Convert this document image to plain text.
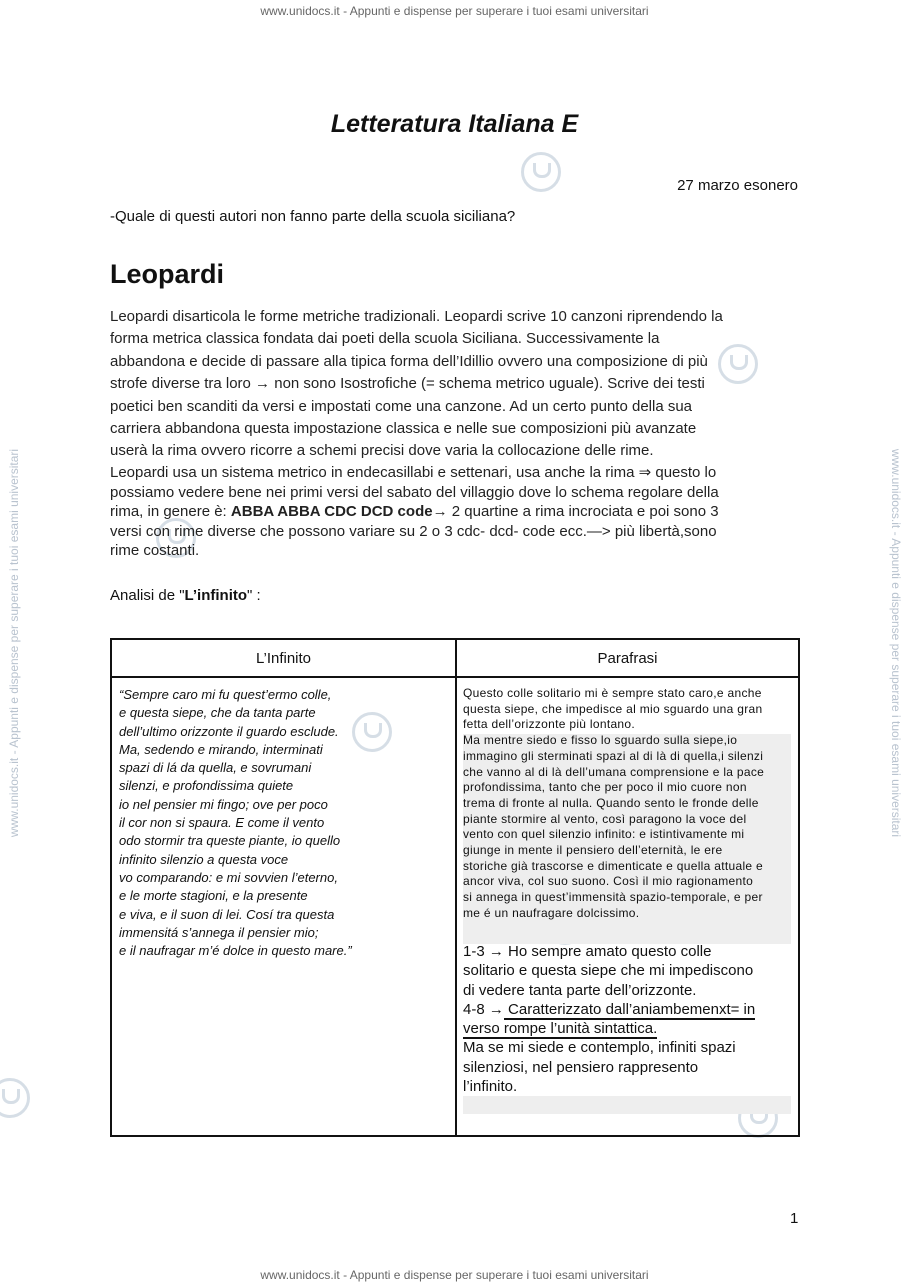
www.unidocs.it - Appunti e dispense per superare i tuoi esami universitari
www.unidocs.it - Appunti e dispense per superare i tuoi esami universitari
www.unidocs.it - Appunti e dispense per superare i tuoi esami universitari	www.unidocs.it - Appunti e dispense per superare i tuoi esami universitari
Letteratura Italiana E
27 marzo esonero
-Quale di questi autori non fanno parte della scuola siciliana?
Leopardi
Leopardi disarticola le forme metriche tradizionali. Leopardi scrive 10 canzoni riprendendo la
forma metrica classica fondata dai poeti della scuola Siciliana. Successivamente la
abbandona e decide di passare alla tipica forma dell’Idillio ovvero una composizione di più
strofe diverse tra loro → non sono Isostrofiche (= schema metrico uguale). Scrive dei testi
poetici ben scanditi da versi e impostati come una canzone. Ad un certo punto della sua
carriera abbandona questa impostazione classica e nelle sue composizioni più avanzate
userà la rima ovvero ricorre a schemi precisi dove varia la collocazione delle rime.
Leopardi usa un sistema metrico in endecasillabi e settenari, usa anche la rima ⇒ questo lo
possiamo vedere bene nei primi versi del sabato del villaggio dove lo schema regolare della
rima, in genere è: ABBA ABBA CDC DCD code→ 2 quartine a rima incrociata e poi sono 3
versi con rime diverse che possono variare su 2 o 3 cdc- dcd- code ecc.—> più libertà,sono
rime costanti.
Analisi de "L’infinito" :
L’Infinito	Parafrasi
“Sempre caro mi fu quest’ermo colle,
e questa siepe, che da tanta parte
dell’ultimo orizzonte il guardo esclude.
Ma, sedendo e mirando, interminati
spazi di lá da quella, e sovrumani
silenzi, e profondissima quiete
io nel pensier mi fingo; ove per poco
il cor non si spaura. E come il vento
odo stormir tra queste piante, io quello
infinito silenzio a questa voce
vo comparando: e mi sovvien l’eterno,
e le morte stagioni, e la presente
e viva, e il suon di lei. Cosí tra questa
immensitá s’annega il pensier mio;
e il naufragar m’é dolce in questo mare.”
Questo colle solitario mi è sempre stato caro,e anche
questa siepe, che impedisce al mio sguardo una gran
fetta dell’orizzonte più lontano.
Ma mentre siedo e fisso lo sguardo sulla siepe,io
immagino gli sterminati spazi al di là di quella,i silenzi
che vanno al di là dell’umana comprensione e la pace
profondissima, tanto che per poco il mio cuore non
trema di fronte al nulla. Quando sento le fronde delle
piante stormire al vento, così paragono la voce del
vento con quel silenzio infinito: e istintivamente mi
giunge in mente il pensiero dell’eternità, le ere
storiche già trascorse e dimenticate e quella attuale e
ancor viva, col suo suono. Così il mio ragionamento
si annega in quest’immensità spazio-temporale, e per
me é un naufragare dolcissimo.
1-3 → Ho sempre amato questo colle
solitario e questa siepe che mi impediscono
di vedere tanta parte dell’orizzonte.
4-8 → Caratterizzato dall’aniambemenxt= in
verso rompe l’unità sintattica.
Ma se mi siede e contemplo, infiniti spazi
silenziosi, nel pensiero rappresento
l’infinito.
1
